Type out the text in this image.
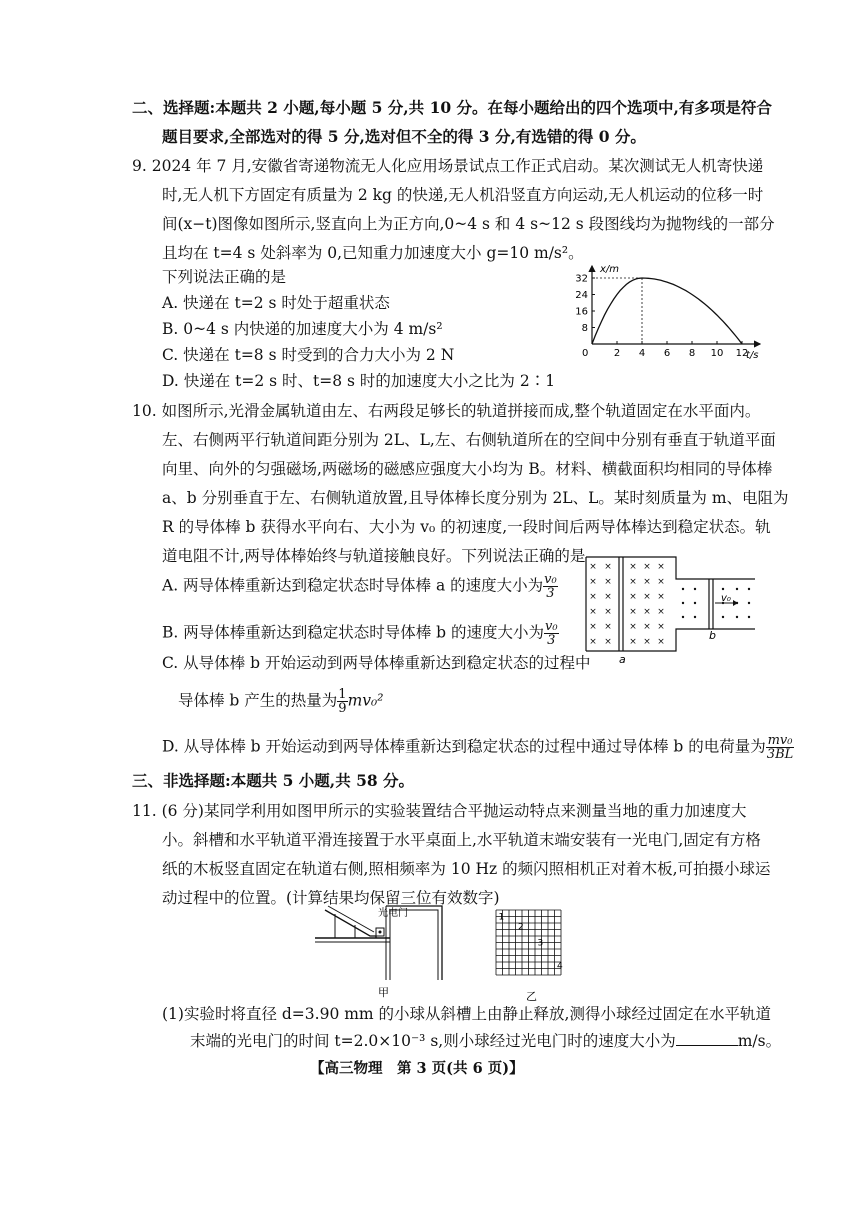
二、选择题:本题共 2 小题,每小题 5 分,共 10 分。在每小题给出的四个选项中,有多项是符合
题目要求,全部选对的得 5 分,选对但不全的得 3 分,有选错的得 0 分。
9. 2024 年 7 月,安徽省寄递物流无人化应用场景试点工作正式启动。某次测试无人机寄快递
时,无人机下方固定有质量为 2 kg 的快递,无人机沿竖直方向运动,无人机运动的位移一时
间(x−t)图像如图所示,竖直向上为正方向,0~4 s 和 4 s~12 s 段图线均为抛物线的一部分
且均在 t=4 s 处斜率为 0,已知重力加速度大小 g=10 m/s²。
下列说法正确的是
A. 快递在 t=2 s 时处于超重状态
B. 0~4 s 内快递的加速度大小为 4 m/s²
C. 快递在 t=8 s 时受到的合力大小为 2 N
D. 快递在 t=2 s 时、t=8 s 时的加速度大小之比为 2∶1
x/m
t/s
0
8
16
24
32
2 4 6 8 10 12
10. 如图所示,光滑金属轨道由左、右两段足够长的轨道拼接而成,整个轨道固定在水平面内。
左、右侧两平行轨道间距分别为 2L、L,左、右侧轨道所在的空间中分别有垂直于轨道平面
向里、向外的匀强磁场,两磁场的磁感应强度大小均为 B。材料、横截面积均相同的导体棒
a、b 分别垂直于左、右侧轨道放置,且导体棒长度分别为 2L、L。某时刻质量为 m、电阻为
R 的导体棒 b 获得水平向右、大小为 v₀ 的初速度,一段时间后两导体棒达到稳定状态。轨
道电阻不计,两导体棒始终与轨道接触良好。下列说法正确的是
A. 两导体棒重新达到稳定状态时导体棒 a 的速度大小为 $\frac{\text{v₀}}{3}$
B. 两导体棒重新达到稳定状态时导体棒 b 的速度大小为 $\frac{\text{v₀}}{3}$
C. 从导体棒 b 开始运动到两导体棒重新达到稳定状态的过程中
导体棒 b 产生的热量为 $\frac{1}{9} mv_0^2$
D. 从导体棒 b 开始运动到两导体棒重新达到稳定状态的过程中通过导体棒 b 的电荷量为 $\frac{\text{mv₀}}{3BL}$
× × × × ×
× × × × ×
× × × × ×
× × × × ×
× × × × ×
× × × × ×
v₀
a
b
三、非选择题:本题共 5 小题,共 58 分。
11. (6 分)某同学利用如图甲所示的实验装置结合平抛运动特点来测量当地的重力加速度大
小。斜槽和水平轨道平滑连接置于水平桌面上,水平轨道末端安装有一光电门,固定有方格
纸的木板竖直固定在轨道右侧,照相频率为 10 Hz 的频闪照相机正对着木板,可拍摄小球运
动过程中的位置。(计算结果均保留三位有效数字)
光电门
甲
1
2
3
4
乙
(1)实验时将直径 d=3.90 mm 的小球从斜槽上由静止释放,测得小球经过固定在水平轨道
末端的光电门的时间 t=2.0×10⁻³ s,则小球经过光电门时的速度大小为	m/s。
【高三物理　第 3 页(共 6 页)】
